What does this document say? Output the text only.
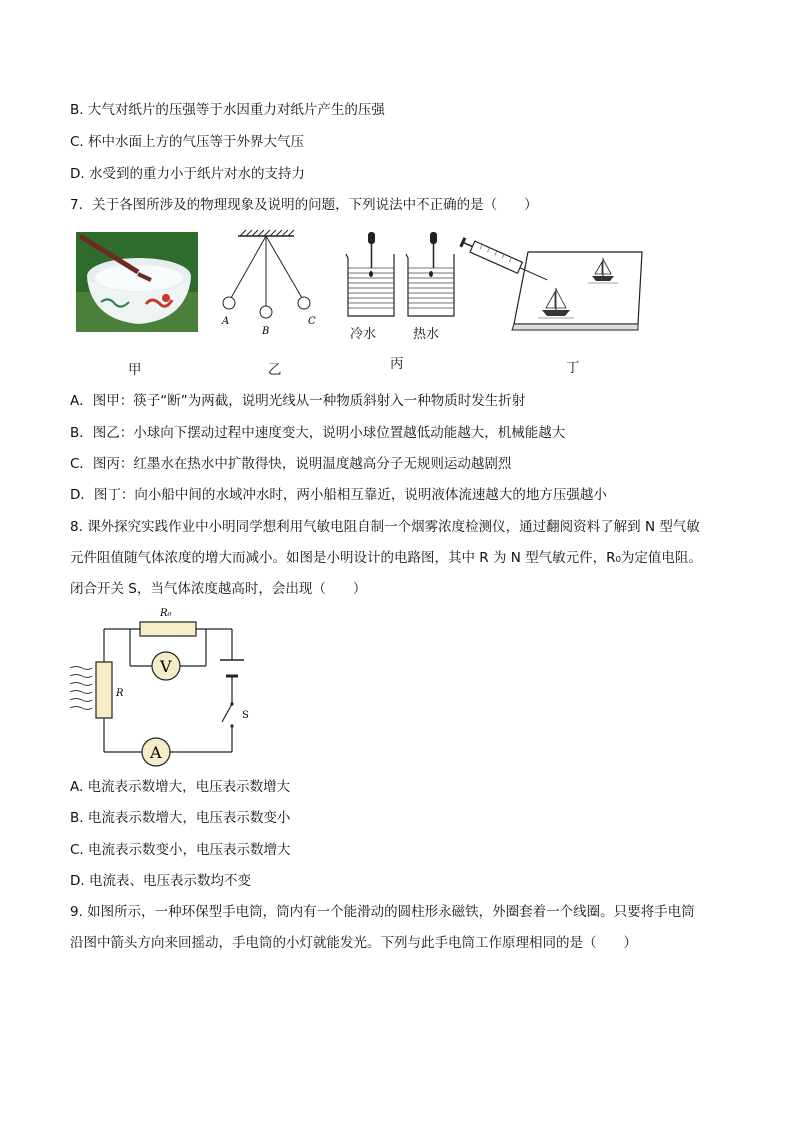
B. 大气对纸片的压强等于水因重力对纸片产生的压强
C. 杯中水面上方的气压等于外界大气压
D. 水受到的重力小于纸片对水的支持力
7．关于各图所涉及的物理现象及说明的问题，下列说法中不正确的是（　　）
甲
A
B
C
乙
冷水	热水
丙	丁
A．图甲：筷子“断”为两截，说明光线从一种物质斜射入一种物质时发生折射
B．图乙：小球向下摆动过程中速度变大，说明小球位置越低动能越大，机械能越大
C．图丙：红墨水在热水中扩散得快，说明温度越高分子无规则运动越剧烈
D．图丁：向小船中间的水域冲水时，两小船相互靠近，说明液体流速越大的地方压强越小
8. 课外探究实践作业中小明同学想利用气敏电阻自制一个烟雾浓度检测仪，通过翻阅资料了解到 N 型气敏
元件阻值随气体浓度的增大而减小。如图是小明设计的电路图，其中 R 为 N 型气敏元件，R₀为定值电阻。
闭合开关 S，当气体浓度越高时，会出现（　　）
R₀
V
R
A
S
A. 电流表示数增大，电压表示数增大
B. 电流表示数增大，电压表示数变小
C. 电流表示数变小，电压表示数增大
D. 电流表、电压表示数均不变
9. 如图所示，一种环保型手电筒，筒内有一个能滑动的圆柱形永磁铁，外圈套着一个线圈。只要将手电筒
沿图中箭头方向来回摇动，手电筒的小灯就能发光。下列与此手电筒工作原理相同的是（　　）
